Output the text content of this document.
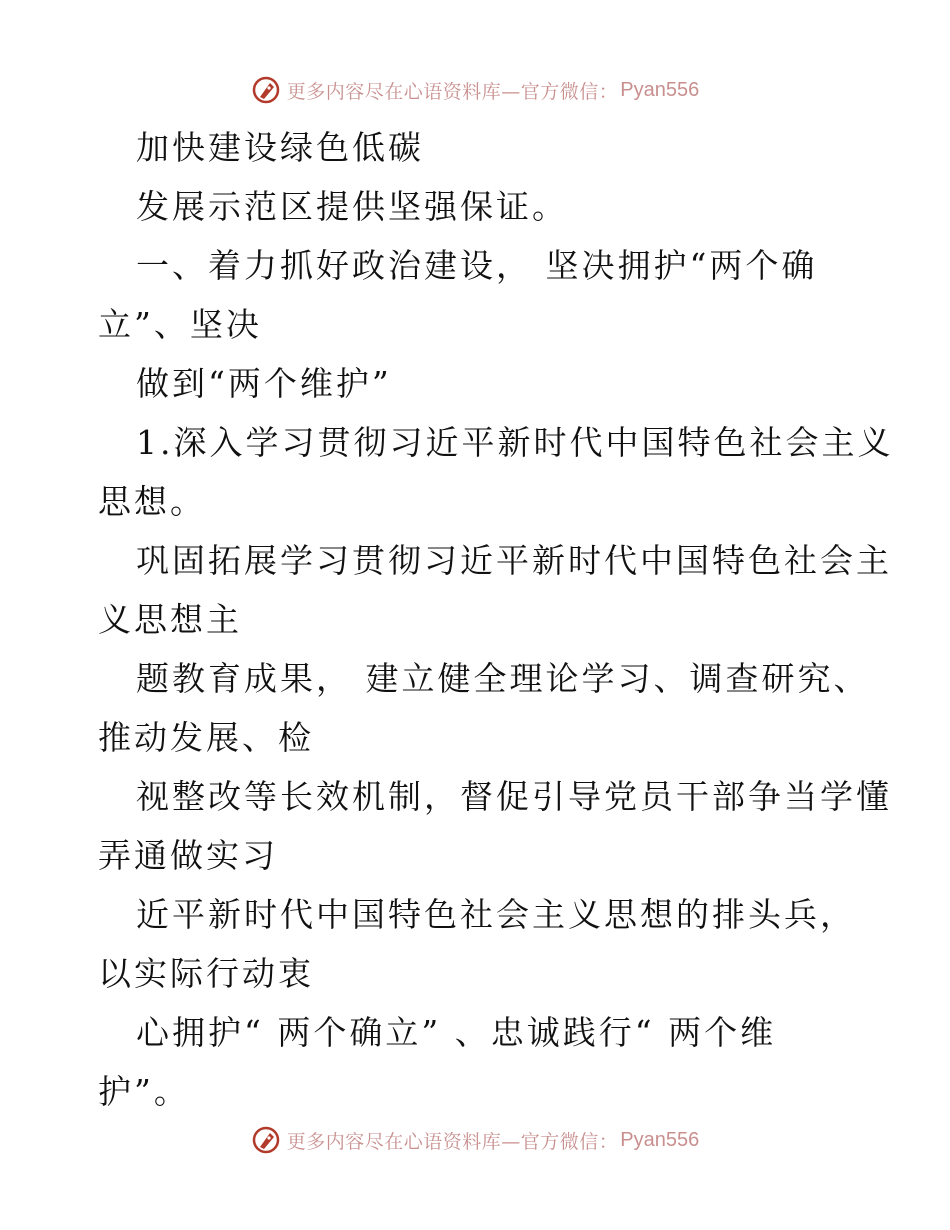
更多内容尽在心语资料库—官方微信： Pyan556
加快建设绿色低碳
发展示范区提供坚强保证。
一、着力抓好政治建设， 坚决拥护“两个确
立”、坚决
做到“两个维护”
1.深入学习贯彻习近平新时代中国特色社会主义
思想。
巩固拓展学习贯彻习近平新时代中国特色社会主
义思想主
题教育成果， 建立健全理论学习、调查研究、
推动发展、检
视整改等长效机制，督促引导党员干部争当学懂
弄通做实习
近平新时代中国特色社会主义思想的排头兵，
以实际行动衷
心拥护“ 两个确立” 、忠诚践行“ 两个维
护”。
更多内容尽在心语资料库—官方微信： Pyan556
